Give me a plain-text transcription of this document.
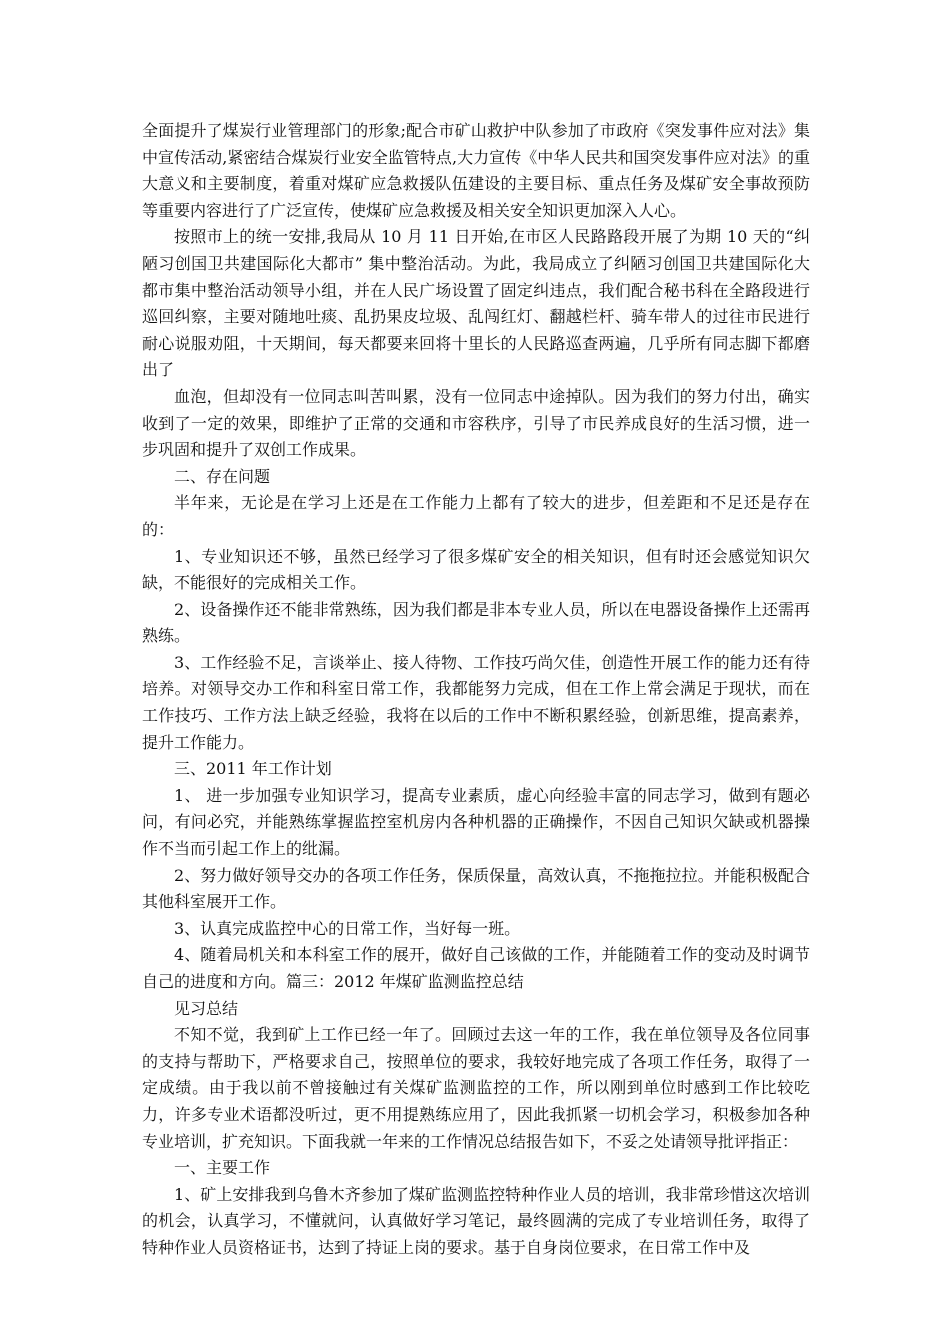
全面提升了煤炭行业管理部门的形象;配合市矿山救护中队参加了市政府《突发事件应对法》集中宣传活动,紧密结合煤炭行业安全监管特点,大力宣传《中华人民共和国突发事件应对法》的重大意义和主要制度，着重对煤矿应急救援队伍建设的主要目标、重点任务及煤矿安全事故预防等重要内容进行了广泛宣传，使煤矿应急救援及相关安全知识更加深入人心。

按照市上的统一安排,我局从 10 月 11 日开始,在市区人民路路段开展了为期 10 天的“纠陋习创国卫共建国际化大都市” 集中整治活动。为此，我局成立了纠陋习创国卫共建国际化大都市集中整治活动领导小组，并在人民广场设置了固定纠违点，我们配合秘书科在全路段进行巡回纠察，主要对随地吐痰、乱扔果皮垃圾、乱闯红灯、翻越栏杆、骑车带人的过往市民进行耐心说服劝阻，十天期间，每天都要来回将十里长的人民路巡查两遍，几乎所有同志脚下都磨出了

血泡，但却没有一位同志叫苦叫累，没有一位同志中途掉队。因为我们的努力付出，确实收到了一定的效果，即维护了正常的交通和市容秩序，引导了市民养成良好的生活习惯，进一步巩固和提升了双创工作成果。

二、存在问题

半年来，无论是在学习上还是在工作能力上都有了较大的进步，但差距和不足还是存在的：

1、专业知识还不够，虽然已经学习了很多煤矿安全的相关知识，但有时还会感觉知识欠缺，不能很好的完成相关工作。

2、设备操作还不能非常熟练，因为我们都是非本专业人员，所以在电器设备操作上还需再熟练。

3、工作经验不足，言谈举止、接人待物、工作技巧尚欠佳，创造性开展工作的能力还有待培养。对领导交办工作和科室日常工作，我都能努力完成，但在工作上常会满足于现状，而在工作技巧、工作方法上缺乏经验，我将在以后的工作中不断积累经验，创新思维，提高素养，提升工作能力。

三、2011 年工作计划

1、 进一步加强专业知识学习，提高专业素质，虚心向经验丰富的同志学习，做到有题必问，有问必究，并能熟练掌握监控室机房内各种机器的正确操作，不因自己知识欠缺或机器操作不当而引起工作上的纰漏。

2、努力做好领导交办的各项工作任务，保质保量，高效认真，不拖拖拉拉。并能积极配合其他科室展开工作。

3、认真完成监控中心的日常工作，当好每一班。

4、随着局机关和本科室工作的展开，做好自己该做的工作，并能随着工作的变动及时调节自己的进度和方向。篇三：2012 年煤矿监测监控总结

见习总结

不知不觉，我到矿上工作已经一年了。回顾过去这一年的工作，我在单位领导及各位同事的支持与帮助下，严格要求自己，按照单位的要求，我较好地完成了各项工作任务，取得了一定成绩。由于我以前不曾接触过有关煤矿监测监控的工作，所以刚到单位时感到工作比较吃力，许多专业术语都没听过，更不用提熟练应用了，因此我抓紧一切机会学习，积极参加各种专业培训，扩充知识。下面我就一年来的工作情况总结报告如下，不妥之处请领导批评指正：

一、主要工作

1、矿上安排我到乌鲁木齐参加了煤矿监测监控特种作业人员的培训，我非常珍惜这次培训的机会，认真学习，不懂就问，认真做好学习笔记，最终圆满的完成了专业培训任务，取得了特种作业人员资格证书，达到了持证上岗的要求。基于自身岗位要求，在日常工作中及
